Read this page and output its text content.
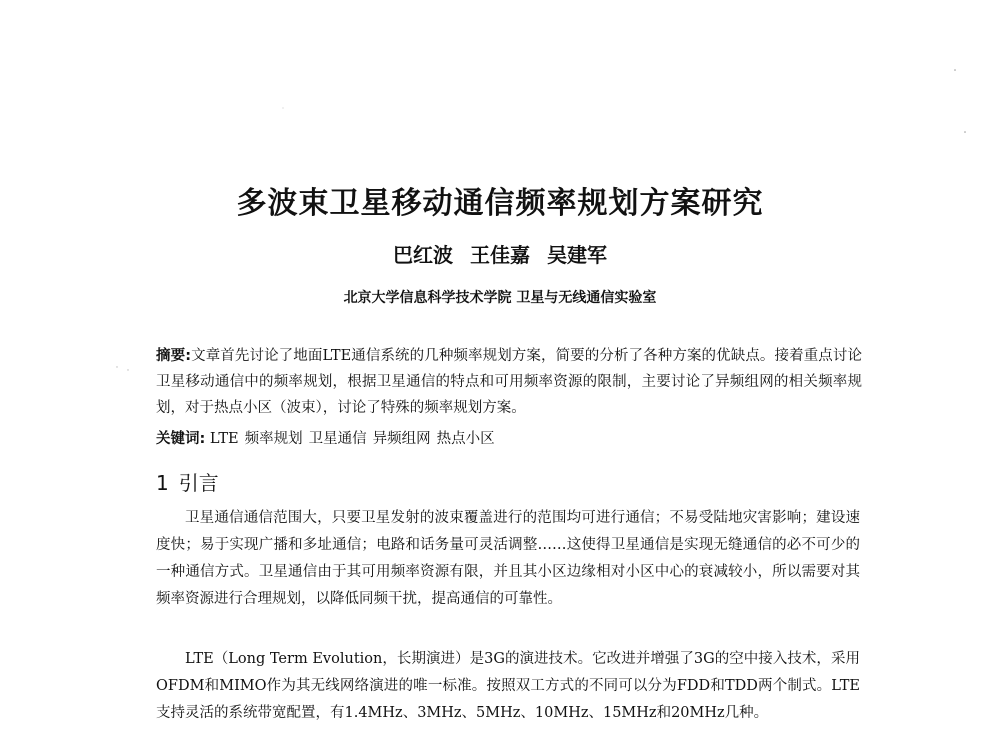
多波束卫星移动通信频率规划方案研究
巴红波 王佳嘉 吴建军
北京大学信息科学技术学院 卫星与无线通信实验室

摘要:文章首先讨论了地面LTE通信系统的几种频率规划方案，简要的分析了各种方案的优缺点。接着重点讨论卫星移动通信中的频率规划，根据卫星通信的特点和可用频率资源的限制，主要讨论了异频组网的相关频率规划，对于热点小区（波束），讨论了特殊的频率规划方案。

关键词: LTE 频率规划 卫星通信 异频组网 热点小区

1 引言

卫星通信通信范围大，只要卫星发射的波束覆盖进行的范围均可进行通信；不易受陆地灾害影响；建设速度快；易于实现广播和多址通信；电路和话务量可灵活调整……这使得卫星通信是实现无缝通信的必不可少的一种通信方式。卫星通信由于其可用频率资源有限，并且其小区边缘相对小区中心的衰减较小，所以需要对其频率资源进行合理规划，以降低同频干扰，提高通信的可靠性。

LTE（Long Term Evolution，长期演进）是3G的演进技术。它改进并增强了3G的空中接入技术，采用OFDM和MIMO作为其无线网络演进的唯一标准。按照双工方式的不同可以分为FDD和TDD两个制式。LTE支持灵活的系统带宽配置，有1.4MHz、3MHz、5MHz、10MHz、15MHz和20MHz几种。
